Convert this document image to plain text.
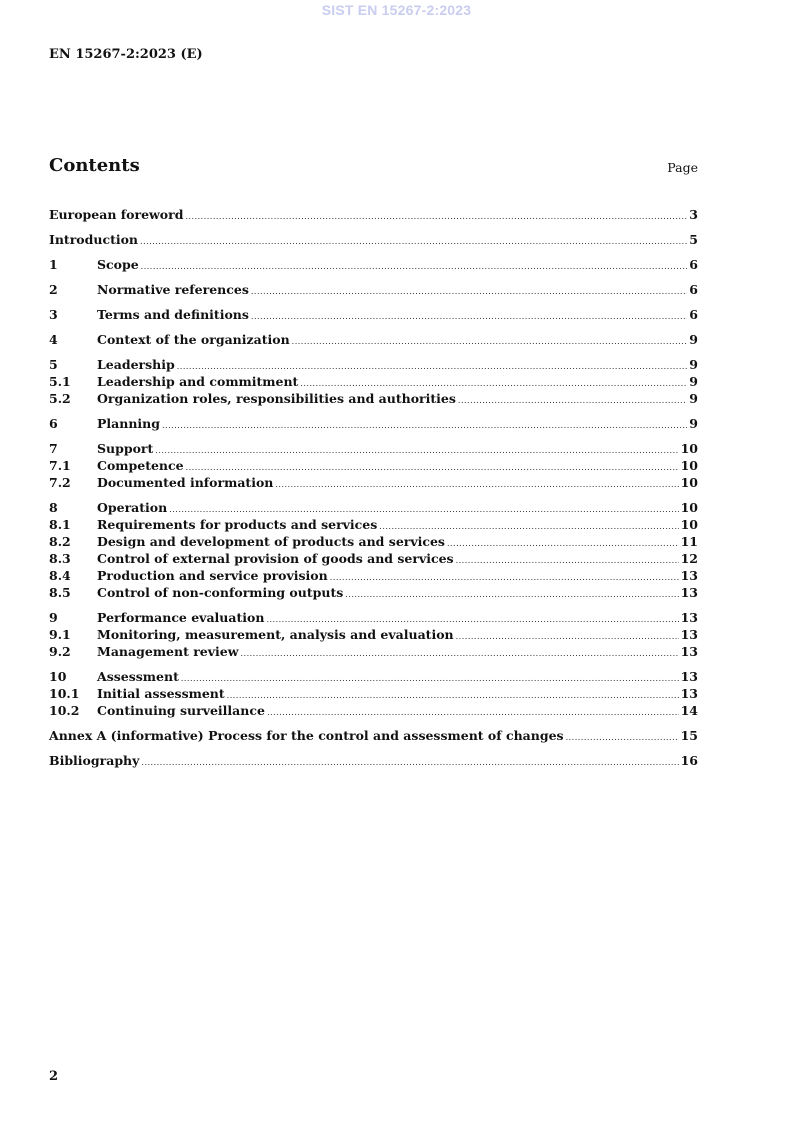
SIST EN 15267-2:2023
EN 15267-2:2023 (E)
Contents	Page
European foreword .....	3
Introduction .....	5
1	Scope .....	6
2	Normative references .....	6
3	Terms and definitions .....	6
4	Context of the organization .....	9
5	Leadership .....	9
5.1	Leadership and commitment .....	9
5.2	Organization roles, responsibilities and authorities .....	9
6	Planning .....	9
7	Support .....	10
7.1	Competence .....	10
7.2	Documented information .....	10
8	Operation .....	10
8.1	Requirements for products and services .....	10
8.2	Design and development of products and services .....	11
8.3	Control of external provision of goods and services .....	12
8.4	Production and service provision .....	13
8.5	Control of non-conforming outputs .....	13
9	Performance evaluation .....	13
9.1	Monitoring, measurement, analysis and evaluation .....	13
9.2	Management review .....	13
10	Assessment .....	13
10.1	Initial assessment .....	13
10.2	Continuing surveillance .....	14
Annex A (informative) Process for the control and assessment of changes .....	15
Bibliography .....	16
2
